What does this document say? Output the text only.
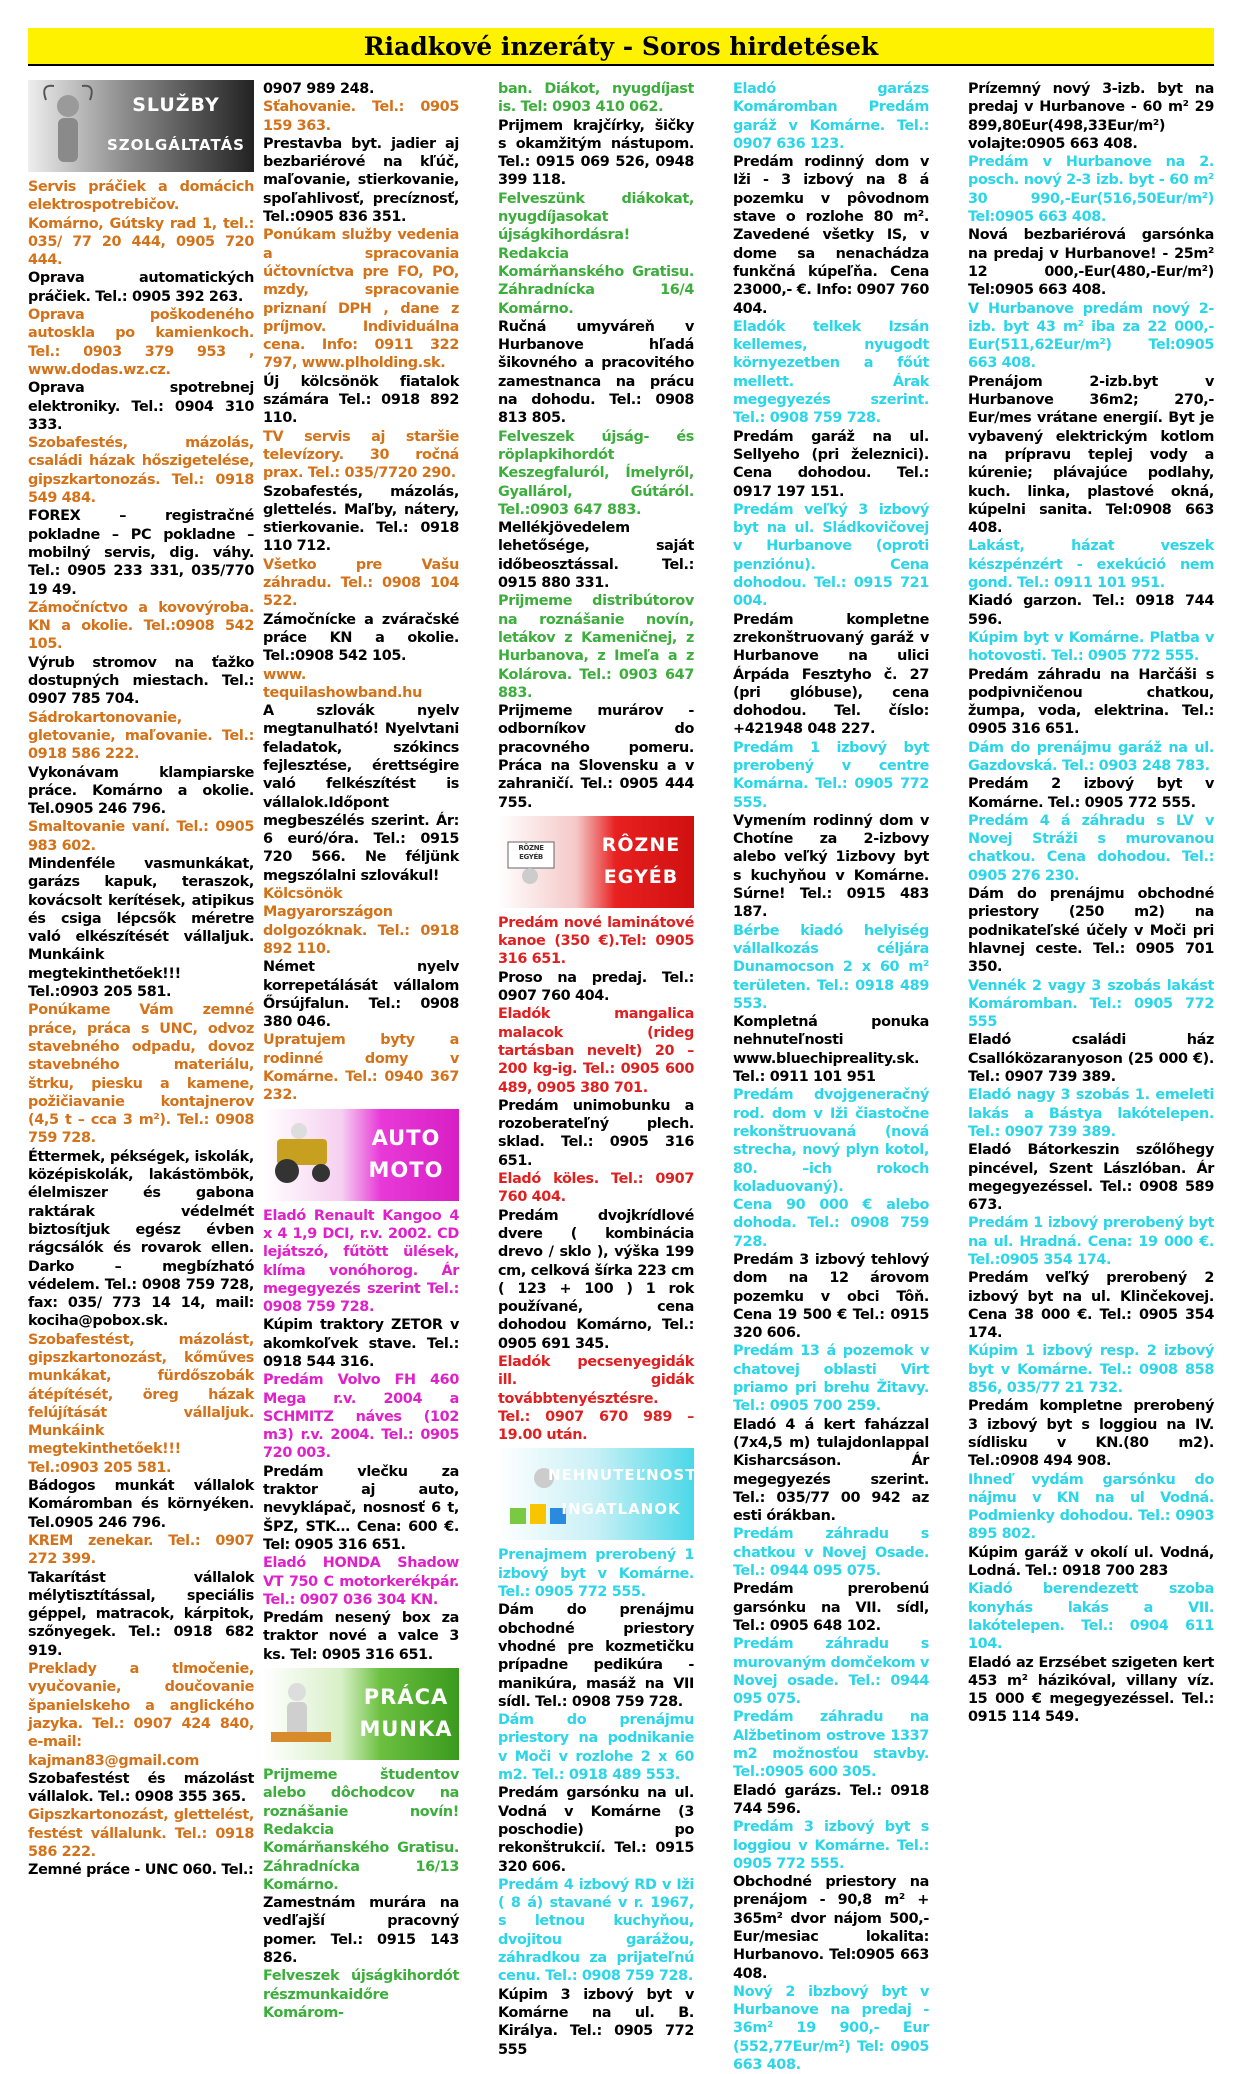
Riadkové inzeráty - Soros hirdetések
SLUŽBY
SZOLGÁLTATÁS

Servis práčiek a domácich elektrospotrebičov. Komárno, Gútsky rad 1, tel.: 035/ 77 20 444, 0905 720 444.

Oprava automatických práčiek. Tel.: 0905 392 263.

Oprava poškodeného autoskla po kamienkoch. Tel.: 0903 379 953 , www.dodas.wz.cz.

Oprava spotrebnej elektroniky. Tel.: 0904 310 333.

Szobafestés, mázolás, családi házak hőszigetelése, gipszkartonozás. Tel.: 0918 549 484.

FOREX – registračné pokladne – PC pokladne – mobilný servis, dig. váhy. Tel.: 0905 233 331, 035/770 19 49.

Zámočníctvo a kovovýroba. KN a okolie. Tel.:0908 542 105.

Výrub stromov na ťažko dostupných miestach. Tel.: 0907 785 704.

Sádrokartonovanie, gletovanie, maľovanie. Tel.: 0918 586 222.

Vykonávam klampiarske práce. Komárno a okolie. Tel.0905 246 796.

Smaltovanie vaní. Tel.: 0905 983 602.

Mindenféle vasmunkákat, garázs kapuk, teraszok, kovácsolt kerítések, atipikus és csiga lépcsők méretre való elkészítését vállaljuk. Munkáink megtekinthetőek!!! Tel.:0903 205 581.

Ponúkame Vám zemné práce, práca s UNC, odvoz stavebného odpadu, dovoz stavebného materiálu, štrku, piesku a kamene, požičiavanie kontajnerov (4,5 t – cca 3 m²). Tel.: 0908 759 728.

Éttermek, pékségek, iskolák, középiskolák, lakástömbök, élelmiszer és gabona raktárak védelmét biztosítjuk egész évben rágcsálók és rovarok ellen. Darko – megbízható védelem. Tel.: 0908 759 728, fax: 035/ 773 14 14, mail: kociha@pobox.sk.

Szobafestést, mázolást, gipszkartonozást, kőműves munkákat, fürdőszobák átépítését, öreg házak felújítását vállaljuk. Munkáink megtekinthetőek!!! Tel.:0903 205 581.

Bádogos munkát vállalok Komáromban és környéken. Tel.0905 246 796.

KREM zenekar. Tel.: 0907 272 399.

Takarítást vállalok mélytisztítással, speciális géppel, matracok, kárpitok, szőnyegek. Tel.: 0918 682 919.

Preklady a tlmočenie, vyučovanie, doučovanie španielskeho a anglického jazyka. Tel.: 0907 424 840, e-mail: kajman83@gmail.com

Szobafestést és mázolást vállalok. Tel.: 0908 355 365.

Gipszkartonozást, glettelést, festést vállalunk. Tel.: 0918 586 222.

Zemné práce - UNC 060. Tel.:

0907 989 248.

Sťahovanie. Tel.: 0905 159 363.

Prestavba byt. jadier aj bezbariérové na kľúč, maľovanie, stierkovanie, spoľahlivosť, precíznosť, Tel.:0905 836 351.

Ponúkam služby vedenia a spracovania účtovníctva pre FO, PO, mzdy, spracovanie priznaní DPH , dane z príjmov. Individuálna cena. Info: 0911 322 797, www.plholding.sk.

Új kölcsönök fiatalok számára Tel.: 0918 892 110.

TV servis aj staršie televízory. 30 ročná prax. Tel.: 035/7720 290.

Szobafestés, mázolás, glettelés. Maľby, nátery, stierkovanie. Tel.: 0918 110 712.

Všetko pre Vašu záhradu. Tel.: 0908 104 522.

Zámočnícke a zváračské práce KN a okolie. Tel.:0908 542 105.

www. tequilashowband.hu

A szlovák nyelv megtanulható! Nyelvtani feladatok, szókincs fejlesztése, érettségire való felkészítést is vállalok.Időpont megbeszélés szerint. Ár: 6 euró/óra. Tel.: 0915 720 566. Ne féljünk megszólalni szlovákul!

Kölcsönök Magyarországon dolgozóknak. Tel.: 0918 892 110.

Német nyelv korrepetálását vállalom Őrsújfalun. Tel.: 0908 380 046.

Upratujem byty a rodinné domy v Komárne. Tel.: 0940 367 232.

AUTO
MOTO

Eladó Renault Kangoo 4 x 4 1,9 DCI, r.v. 2002. CD lejátszó, fűtött ülések, klíma vonóhorog. Ár megegyezés szerint Tel.: 0908 759 728.

Kúpim traktory ZETOR v akomkoľvek stave. Tel.: 0918 544 316.

Predám Volvo FH 460 Mega r.v. 2004 a SCHMITZ náves (102 m3) r.v. 2004. Tel.: 0905 720 003.

Predám vlečku za traktor aj auto, nevyklápač, nosnosť 6 t, ŠPZ, STK… Cena: 600 €. Tel: 0905 316 651.

Eladó HONDA Shadow VT 750 C motorkerékpár. Tel.: 0907 036 304 KN.

Predám nesený box za traktor nové a valce 3 ks. Tel: 0905 316 651.

PRÁCA
MUNKA

Prijmeme študentov alebo dôchodcov na roznášanie novín! Redakcia Komárňanského Gratisu. Záhradnícka 16/13 Komárno.

Zamestnám murára na vedľajší pracovný pomer. Tel.: 0915 143 826.

Felveszek újságkihordót részmunkaidőre Komárom-

ban. Diákot, nyugdíjast is. Tel: 0903 410 062.

Prijmem krajčírky, šičky s okamžitým nástupom. Tel.: 0915 069 526, 0948 399 118.

Felveszünk diákokat, nyugdíjasokat újságkihordásra! Redakcia Komárňanského Gratisu. Záhradnícka 16/4 Komárno.

Ručná umyváreň v Hurbanove hľadá šikovného a pracovitého zamestnanca na prácu na dohodu. Tel.: 0908 813 805.

Felveszek újság- és röplapkihordót Keszegfaluról, Ímelyről, Gyallárol, Gútáról. Tel.:0903 647 883.

Mellékjövedelem lehetősége, saját időbeosztással. Tel.: 0915 880 331.

Prijmeme distribútorov na roznášanie novín, letákov z Kameničnej, z Hurbanova, z Imeľa a z Kolárova. Tel.: 0903 647 883.

Prijmeme murárov - odborníkov do pracovného pomeru. Práca na Slovensku a v zahraničí. Tel.: 0905 444 755.

RÔZNE EGYÉB
RÔZNE
EGYÉB

Predám nové laminátové kanoe (350 €).Tel: 0905 316 651.

Proso na predaj. Tel.: 0907 760 404.

Eladók mangalica malacok (rideg tartásban nevelt) 20 – 200 kg-ig. Tel.: 0905 600 489, 0905 380 701.

Predám unimobunku a rozoberateľný plech. sklad. Tel.: 0905 316 651.

Eladó köles. Tel.: 0907 760 404.

Predám dvojkrídlové dvere ( kombinácia drevo / sklo ), výška 199 cm, celková šírka 223 cm ( 123 + 100 ) 1 rok používané, cena dohodou Komárno, Tel.: 0905 691 345.

Eladók pecsenyegidák ill. gidák továbbtenyésztésre. Tel.: 0907 670 989 – 19.00 után.

NEHNUTEĽNOSTI
INGATLANOK

Prenajmem prerobený 1 izbový byt v Komárne. Tel.: 0905 772 555.

Dám do prenájmu obchodné priestory vhodné pre kozmetičku prípadne pedikúra - manikúra, masáž na VII sídl. Tel.: 0908 759 728.

Dám do prenájmu priestory na podnikanie v Moči v rozlohe 2 x 60 m2. Tel.: 0918 489 553.

Predám garsónku na ul. Vodná v Komárne (3 poschodie) po rekonštrukcií. Tel.: 0915 320 606.

Predám 4 izbový RD v Iži ( 8 á) stavané v r. 1967, s letnou kuchyňou, dvojitou garážou, záhradkou za prijateľnú cenu. Tel.: 0908 759 728.

Kúpim 3 izbový byt v Komárne na ul. B. Királya. Tel.: 0905 772 555

Eladó garázs Komáromban Predám garáž v Komárne. Tel.: 0907 636 123.

Predám rodinný dom v Iži - 3 izbový na 8 á pozemku v pôvodnom stave o rozlohe 80 m². Zavedené všetky IS, v dome sa nenachádza funkčná kúpeľňa. Cena 23000,- €. Info: 0907 760 404.

Eladók telkek Izsán kellemes, nyugodt környezetben a főút mellett. Árak megegyezés szerint. Tel.: 0908 759 728.

Predám garáž na ul. Sellyeho (pri železnici). Cena dohodou. Tel.: 0917 197 151.

Predám veľký 3 izbový byt na ul. Sládkovičovej v Hurbanove (oproti penziónu). Cena dohodou. Tel.: 0915 721 004.

Predám kompletne zrekonštruovaný garáž v Hurbanove na ulici Árpáda Fesztyho č. 27 (pri glóbuse), cena dohodou. Tel. číslo: +421948 048 227.

Predám 1 izbový byt prerobený v centre Komárna. Tel.: 0905 772 555.

Vymením rodinný dom v Chotíne za 2-izbovy alebo veľký 1izbovy byt s kuchyňou v Komárne. Súrne! Tel.: 0915 483 187.

Bérbe kiadó helyiség vállalkozás céljára Dunamocson 2 x 60 m² területen. Tel.: 0918 489 553.

Kompletná ponuka nehnuteľnosti www.bluechipreality.sk. Tel.: 0911 101 951

Predám dvojgeneračný rod. dom v Iži čiastočne rekonštruovaná (nová strecha, nový plyn kotol, 80. –ich rokoch koladuovaný).

Cena 90 000 € alebo dohoda. Tel.: 0908 759 728.

Predám 3 izbový tehlový dom na 12 árovom pozemku v obci Tôň. Cena 19 500 € Tel.: 0915 320 606.

Predám 13 á pozemok v chatovej oblasti Virt priamo pri brehu Žitavy. Tel.: 0905 700 259.

Eladó 4 á kert faházzal (7x4,5 m) tulajdonlappal Kisharcsáson. Ár megegyezés szerint. Tel.: 035/77 00 942 az esti órákban.

Predám záhradu s chatkou v Novej Osade. Tel.: 0944 095 075.

Predám prerobenú garsónku na VII. sídl, Tel.: 0905 648 102.

Predám záhradu s murovaným domčekom v Novej osade. Tel.: 0944 095 075.

Predám záhradu na Alžbetinom ostrove 1337 m2 možnosťou stavby. Tel.:0905 600 305.

Eladó garázs. Tel.: 0918 744 596.

Predám 3 izbový byt s loggiou v Komárne. Tel.: 0905 772 555.

Obchodné priestory na prenájom - 90,8 m² + 365m² dvor nájom 500,-Eur/mesiac lokalita: Hurbanovo. Tel:0905 663 408.

Nový 2 ibzbový byt v Hurbanove na predaj - 36m² 19 900,- Eur (552,77Eur/m²) Tel: 0905 663 408.

Prízemný nový 3-izb. byt na predaj v Hurbanove - 60 m² 29 899,80Eur(498,33Eur/m²) volajte:0905 663 408.

Predám v Hurbanove na 2. posch. nový 2-3 izb. byt - 60 m² 30 990,-Eur(516,50Eur/m²) Tel:0905 663 408.

Nová bezbariérová garsónka na predaj v Hurbanove! - 25m² 12 000,-Eur(480,-Eur/m²) Tel:0905 663 408.

V Hurbanove predám nový 2-izb. byt 43 m² iba za 22 000,-Eur(511,62Eur/m²) Tel:0905 663 408.

Prenájom 2-izb.byt v Hurbanove 36m2; 270,-Eur/mes vrátane energií. Byt je vybavený elektrickým kotlom na prípravu teplej vody a kúrenie; plávajúce podlahy, kuch. linka, plastové okná, kúpelni sanita. Tel:0908 663 408.

Lakást, házat veszek készpénzért - exekúció nem gond. Tel.: 0911 101 951.

Kiadó garzon. Tel.: 0918 744 596.

Kúpim byt v Komárne. Platba v hotovosti. Tel.: 0905 772 555.

Predám záhradu na Harčáši s podpivničenou chatkou, žumpa, voda, elektrina. Tel.: 0905 316 651.

Dám do prenájmu garáž na ul. Gazdovská. Tel.: 0903 248 783.

Predám 2 izbový byt v Komárne. Tel.: 0905 772 555.

Predám 4 á záhradu s LV v Novej Stráži s murovanou chatkou. Cena dohodou. Tel.: 0905 276 230.

Dám do prenájmu obchodné priestory (250 m2) na podnikateľské účely v Moči pri hlavnej ceste. Tel.: 0905 701 350.

Vennék 2 vagy 3 szobás lakást Komáromban. Tel.: 0905 772 555

Eladó családi ház Csallóközaranyoson (25 000 €). Tel.: 0907 739 389.

Eladó nagy 3 szobás 1. emeleti lakás a Bástya lakótelepen. Tel.: 0907 739 389.

Eladó Bátorkeszin szőlőhegy pincével, Szent Lászlóban. Ár megegyezéssel. Tel.: 0908 589 673.

Predám 1 izbový prerobený byt na ul. Hradná. Cena: 19 000 €. Tel.:0905 354 174.

Predám veľký prerobený 2 izbový byt na ul. Klinčekovej. Cena 38 000 €. Tel.: 0905 354 174.

Kúpim 1 izbový resp. 2 izbový byt v Komárne. Tel.: 0908 858 856, 035/77 21 732.

Predám kompletne prerobený 3 izbový byt s loggiou na IV. sídlisku v KN.(80 m2). Tel.:0908 494 908.

Ihneď vydám garsónku do nájmu v KN na ul Vodná. Podmienky dohodou. Tel.: 0903 895 802.

Kúpim garáž v okolí ul. Vodná, Lodná. Tel.: 0918 700 283

Kiadó berendezett szoba konyhás lakás a VII. lakótelepen. Tel.: 0904 611 104.

Eladó az Erzsébet szigeten kert 453 m² házikóval, villany víz. 15 000 € megegyezéssel. Tel.: 0915 114 549.
